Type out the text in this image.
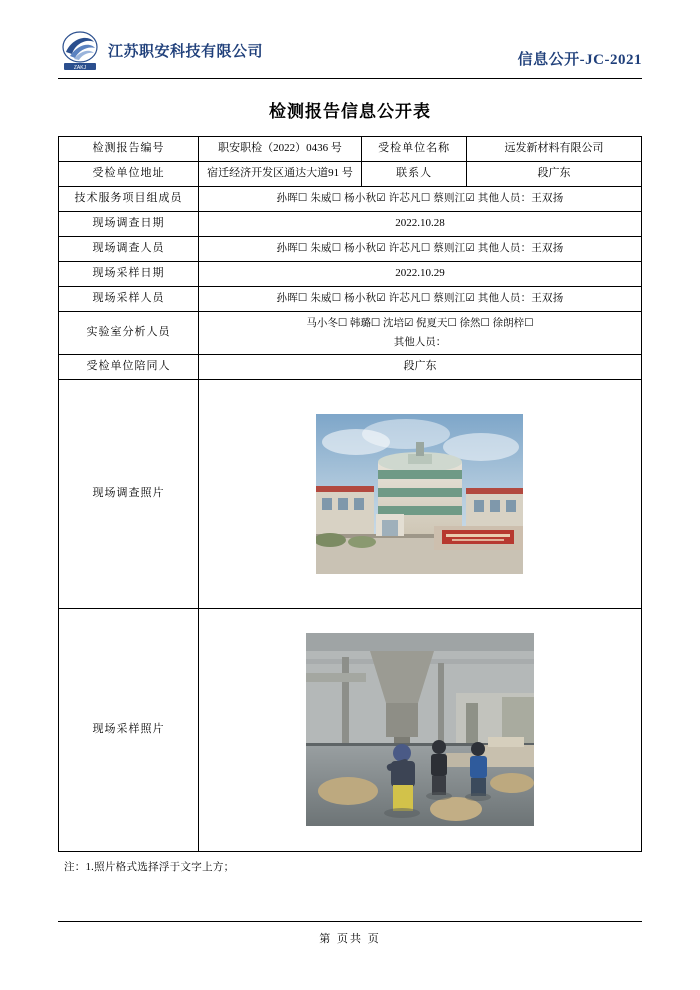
ZAKJ
江苏职安科技有限公司
信息公开-JC-2021
检测报告信息公开表
检测报告编号	职安职检（2022）0436 号	受检单位名称	远发新材料有限公司
受检单位地址	宿迁经济开发区通达大道91 号	联系人	段广东
技术服务项目组成员	孙晖☐ 朱威☐ 杨小秋☑ 许芯凡☐ 蔡则江☑ 其他人员：王双扬		
现场调查日期	2022.10.28		
现场调查人员	孙晖☐ 朱威☐ 杨小秋☑ 许芯凡☐ 蔡则江☑ 其他人员：王双扬		
现场采样日期	2022.10.29		
现场采样人员	孙晖☐ 朱威☐ 杨小秋☑ 许芯凡☐ 蔡则江☑ 其他人员：王双扬		
实验室分析人员	马小冬☐ 韩璐☐ 沈培☑ 倪夏天☐ 徐然☐ 徐朗梓☐
其他人员：		

受检单位陪同人	段广东		
现场调查照片	

现场采样照片	
注：1.照片格式选择浮于文字上方；
第 页共 页
